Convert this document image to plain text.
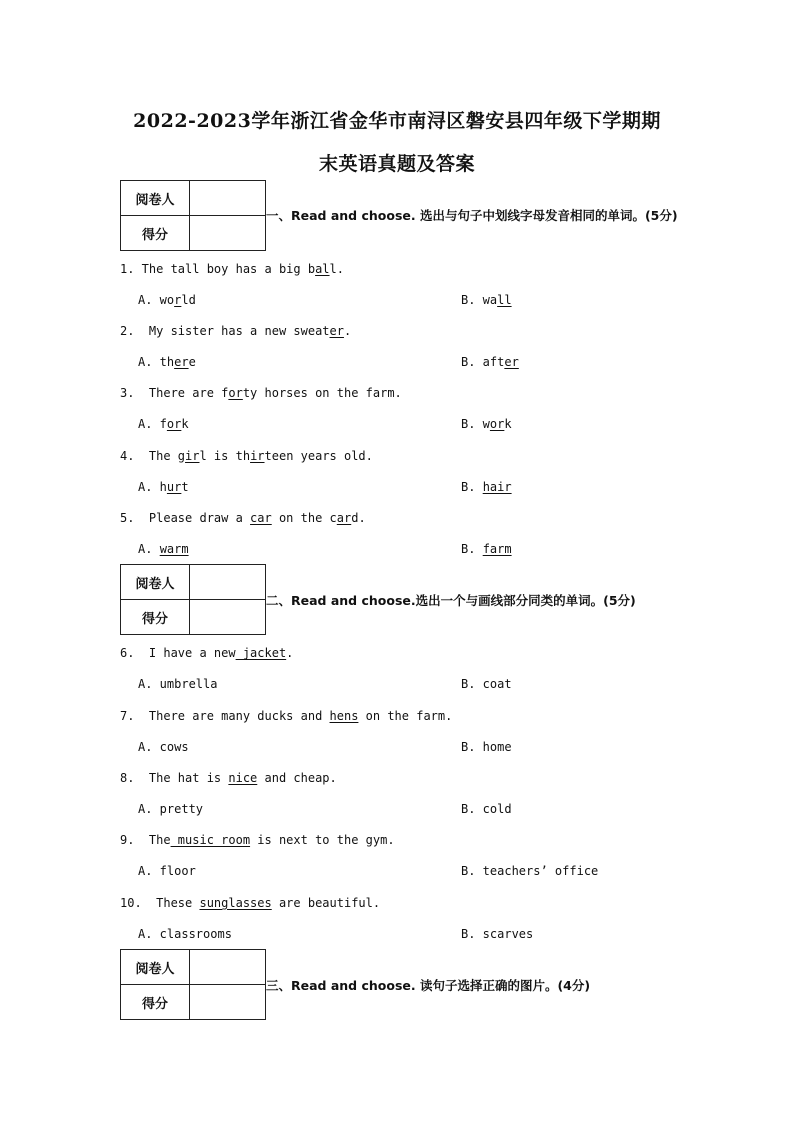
2022-2023学年浙江省金华市南浔区磐安县四年级下学期期
末英语真题及答案
阅卷人	
得分	
一、Read and choose. 选出与句子中划线字母发音相同的单词。(5分)
阅卷人	
得分	
二、Read and choose.选出一个与画线部分同类的单词。(5分)
阅卷人	
得分	
三、Read and choose. 读句子选择正确的图片。(4分)
1. The tall boy has a big ball.
A. world	B. wall
2.  My sister has a new sweater.
A. there	B. after
3.  There are forty horses on the farm.
A. fork	B. work
4.  The girl is thirteen years old.
A. hurt	B. hair
5.  Please draw a car on the card.
A. warm	B. farm
6.  I have a new jacket.
A. umbrella	B. coat
7.  There are many ducks and hens on the farm.
A. cows	B. home
8.  The hat is nice and cheap.
A. pretty	B. cold
9.  The music room is next to the gym.
A. floor	B. teachers’ office
10.  These sunglasses are beautiful.
A. classrooms	B. scarves
